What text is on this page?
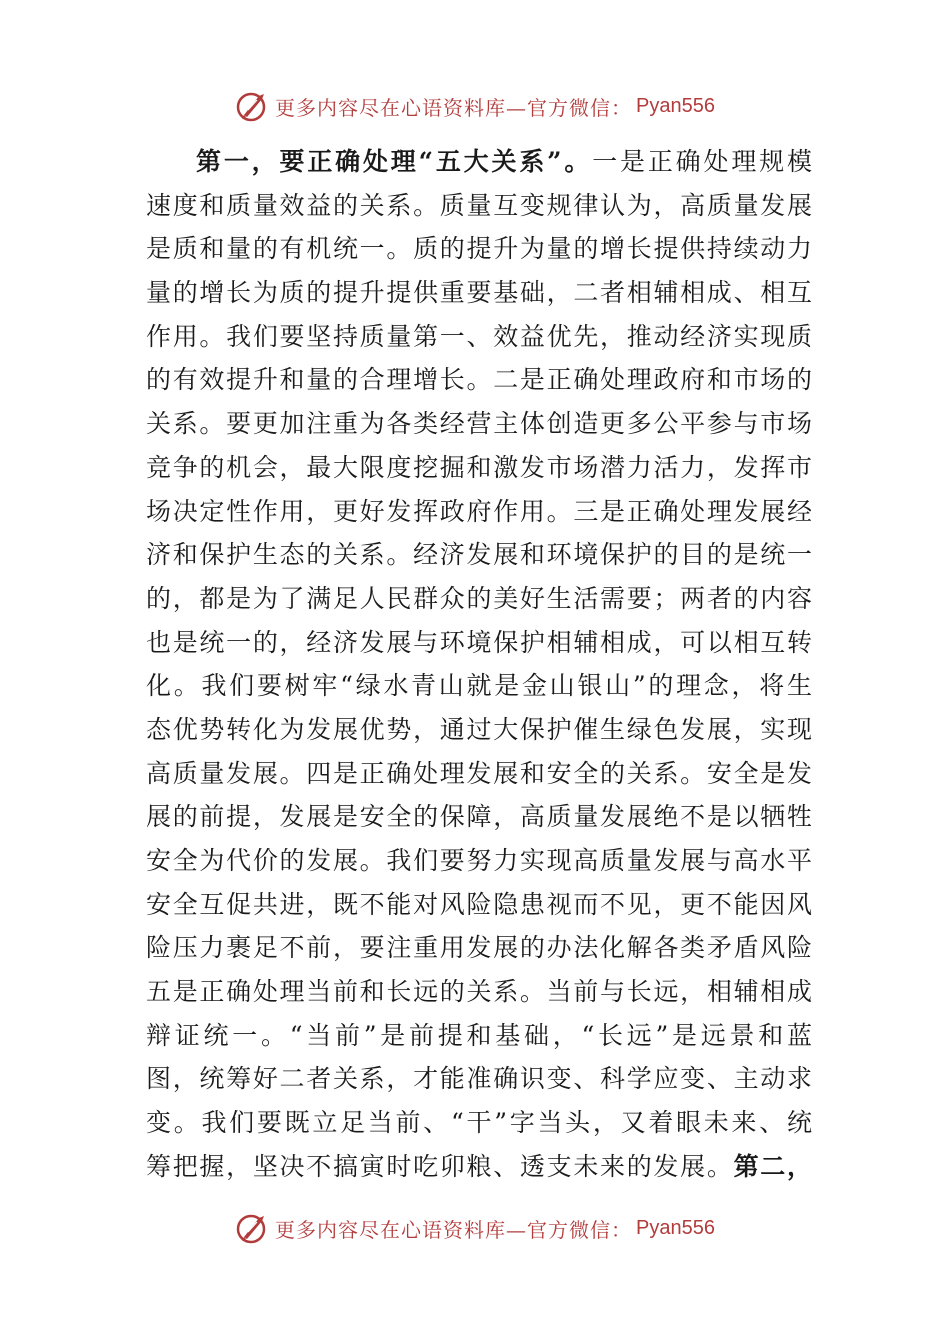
更多内容尽在心语资料库—官方微信： Pyan556
第一，要正确处理“五大关系”。一是正确处理规模
速度和质量效益的关系。质量互变规律认为，高质量发展
是质和量的有机统一。质的提升为量的增长提供持续动力
量的增长为质的提升提供重要基础，二者相辅相成、相互
作用。我们要坚持质量第一、效益优先，推动经济实现质
的有效提升和量的合理增长。二是正确处理政府和市场的
关系。要更加注重为各类经营主体创造更多公平参与市场
竞争的机会，最大限度挖掘和激发市场潜力活力，发挥市
场决定性作用，更好发挥政府作用。三是正确处理发展经
济和保护生态的关系。经济发展和环境保护的目的是统一
的，都是为了满足人民群众的美好生活需要；两者的内容
也是统一的，经济发展与环境保护相辅相成，可以相互转
化。我们要树牢“绿水青山就是金山银山”的理念，将生
态优势转化为发展优势，通过大保护催生绿色发展，实现
高质量发展。四是正确处理发展和安全的关系。安全是发
展的前提，发展是安全的保障，高质量发展绝不是以牺牲
安全为代价的发展。我们要努力实现高质量发展与高水平
安全互促共进，既不能对风险隐患视而不见，更不能因风
险压力裹足不前，要注重用发展的办法化解各类矛盾风险
五是正确处理当前和长远的关系。当前与长远，相辅相成
辩证统一。“当前”是前提和基础，“长远”是远景和蓝
图，统筹好二者关系，才能准确识变、科学应变、主动求
变。我们要既立足当前、“干”字当头，又着眼未来、统
筹把握，坚决不搞寅时吃卯粮、透支未来的发展。第二，
更多内容尽在心语资料库—官方微信： Pyan556
